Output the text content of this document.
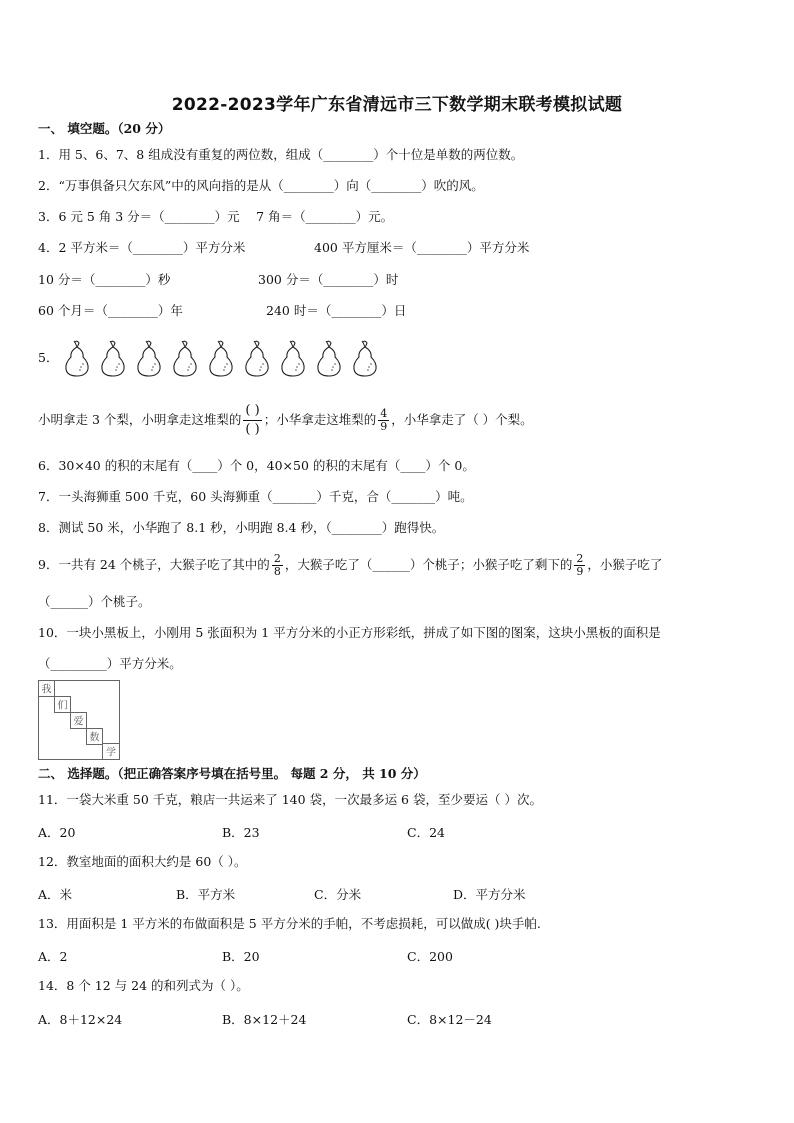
2022-2023学年广东省清远市三下数学期末联考模拟试题
一、 填空题。（20 分）
1．用 5、6、7、8 组成没有重复的两位数，组成（________）个十位是单数的两位数。
2．“万事俱备只欠东风”中的风向指的是从（________）向（________）吹的风。
3．6 元 5 角 3 分＝（________）元　 7 角＝（________）元。
4．2 平方米＝（________）平方分米	400 平方厘米＝（________）平方分米
10 分＝（________）秒	300 分＝（________）时
60 个月＝（________）年	240 时＝（________）日
5．
小明拿走 3 个梨，小明拿走这堆梨的 $\frac{( )}{( )}$ ；小华拿走这堆梨的 $\frac{4}{9}$ ，小华拿走了（ ）个梨。
6．30×40 的积的末尾有（____）个 0，40×50 的积的末尾有（____）个 0。
7．一头海狮重 500 千克，60 头海狮重（_______）千克，合（_______）吨。
8．测试 50 米，小华跑了 8.1 秒，小明跑 8.4 秒，（________）跑得快。
9．一共有 24 个桃子，大猴子吃了其中的 $\frac{2}{8}$ ，大猴子吃了（______）个桃子；小猴子吃了剩下的 $\frac{2}{9}$ ，小猴子吃了
（______）个桃子。
10．一块小黑板上，小刚用 5 张面积为 1 平方分米的小正方形彩纸，拼成了如下图的图案，这块小黑板的面积是
（_________）平方分米。
我
们
爱
数
学
二、 选择题。（把正确答案序号填在括号里。 每题 2 分， 共 10 分）
11．一袋大米重 50 千克，粮店一共运来了 140 袋，一次最多运 6 袋，至少要运（ ）次。
A．20	B．23	C．24
12．教室地面的面积大约是 60（ ）。
A．米	B．平方米	C．分米	D．平方分米
13．用面积是 1 平方米的布做面积是 5 平方分米的手帕，不考虑损耗，可以做成( )块手帕.
A．2	B．20	C．200
14．8 个 12 与 24 的和列式为（ ）。
A．8＋12×24	B．8×12＋24	C．8×12－24
